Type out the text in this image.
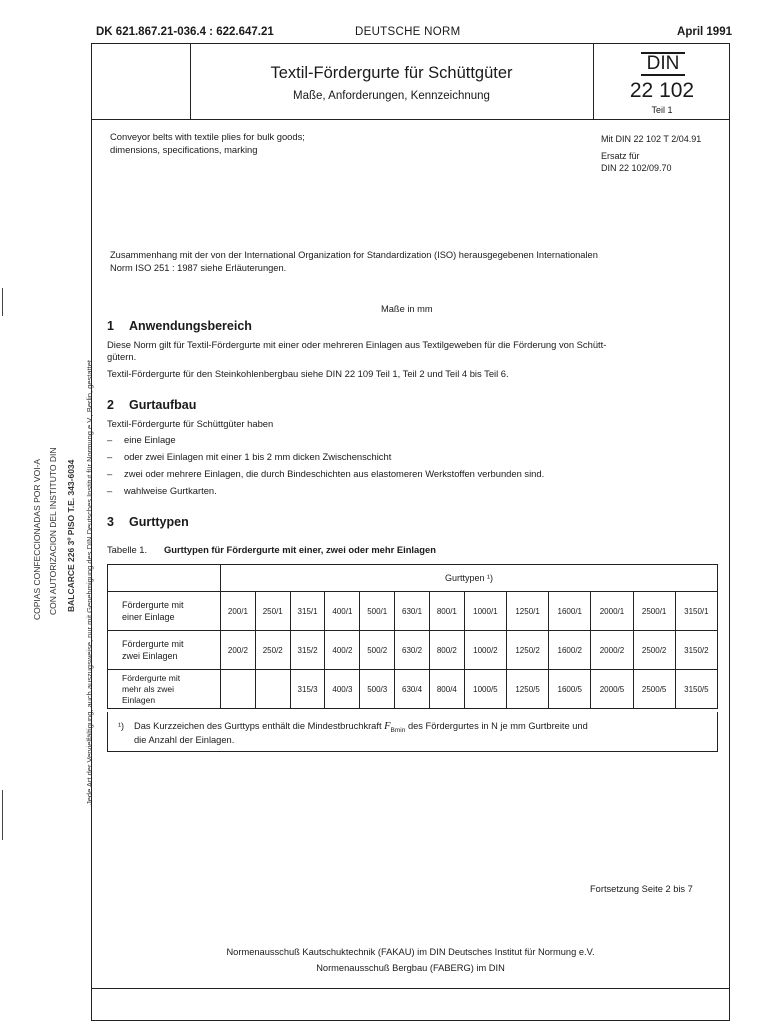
Jede Art der Vervielfältigung, auch auszugsweise, nur mit Genehmigung des DIN Deutsches Institut für Normung e.V., Berlin, gestattet.
BALCARCE 226 3º PISO T.E. 343-6034
CON AUTORIZACION DEL INSTITUTO DIN
COPIAS CONFECCIONADAS POR VOI-A
DK 621.867.21-036.4 : 622.647.21	DEUTSCHE NORM	April 1991
Textil-Fördergurte für Schüttgüter
Maße, Anforderungen, Kennzeichnung
DIN
22 102
Teil 1
Conveyor belts with textile plies for bulk goods;
dimensions, specifications, marking
Mit DIN 22 102 T 2/04.91
Ersatz für
DIN 22 102/09.70
Zusammenhang mit der von der International Organization for Standardization (ISO) herausgegebenen Internationalen
Norm ISO 251 : 1987 siehe Erläuterungen.
Maße in mm
1 Anwendungsbereich
Diese Norm gilt für Textil-Fördergurte mit einer oder mehreren Einlagen aus Textilgeweben für die Förderung von Schütt-
gütern.
Textil-Fördergurte für den Steinkohlenbergbau siehe DIN 22 109 Teil 1, Teil 2 und Teil 4 bis Teil 6.
2 Gurtaufbau
Textil-Fördergurte für Schüttgüter haben
– eine Einlage
– oder zwei Einlagen mit einer 1 bis 2 mm dicken Zwischenschicht
– zwei oder mehrere Einlagen, die durch Bindeschichten aus elastomeren Werkstoffen verbunden sind.
– wahlweise Gurtkarten.
3 Gurttypen
Tabelle 1. Gurttypen für Fördergurte mit einer, zwei oder mehr Einlagen
	Gurttypen ¹)												
Fördergurte mit
einer Einlage	200/1	250/1	315/1	400/1	500/1	630/1	800/1	1000/1	1250/1	1600/1	2000/1	2500/1	3150/1
Fördergurte mit
zwei Einlagen	200/2	250/2	315/2	400/2	500/2	630/2	800/2	1000/2	1250/2	1600/2	2000/2	2500/2	3150/2
Fördergurte mit
mehr als zwei
Einlagen			315/3	400/3	500/3	630/4	800/4	1000/5	1250/5	1600/5	2000/5	2500/5	3150/5
¹) Das Kurzzeichen des Gurttyps enthält die Mindestbruchkraft $F_{Bmin}$ des Fördergurtes in N je mm Gurtbreite und
die Anzahl der Einlagen.
Fortsetzung Seite 2 bis 7
Normenausschuß Kautschuktechnik (FAKAU) im DIN Deutsches Institut für Normung e.V.
Normenausschuß Bergbau (FABERG) im DIN
